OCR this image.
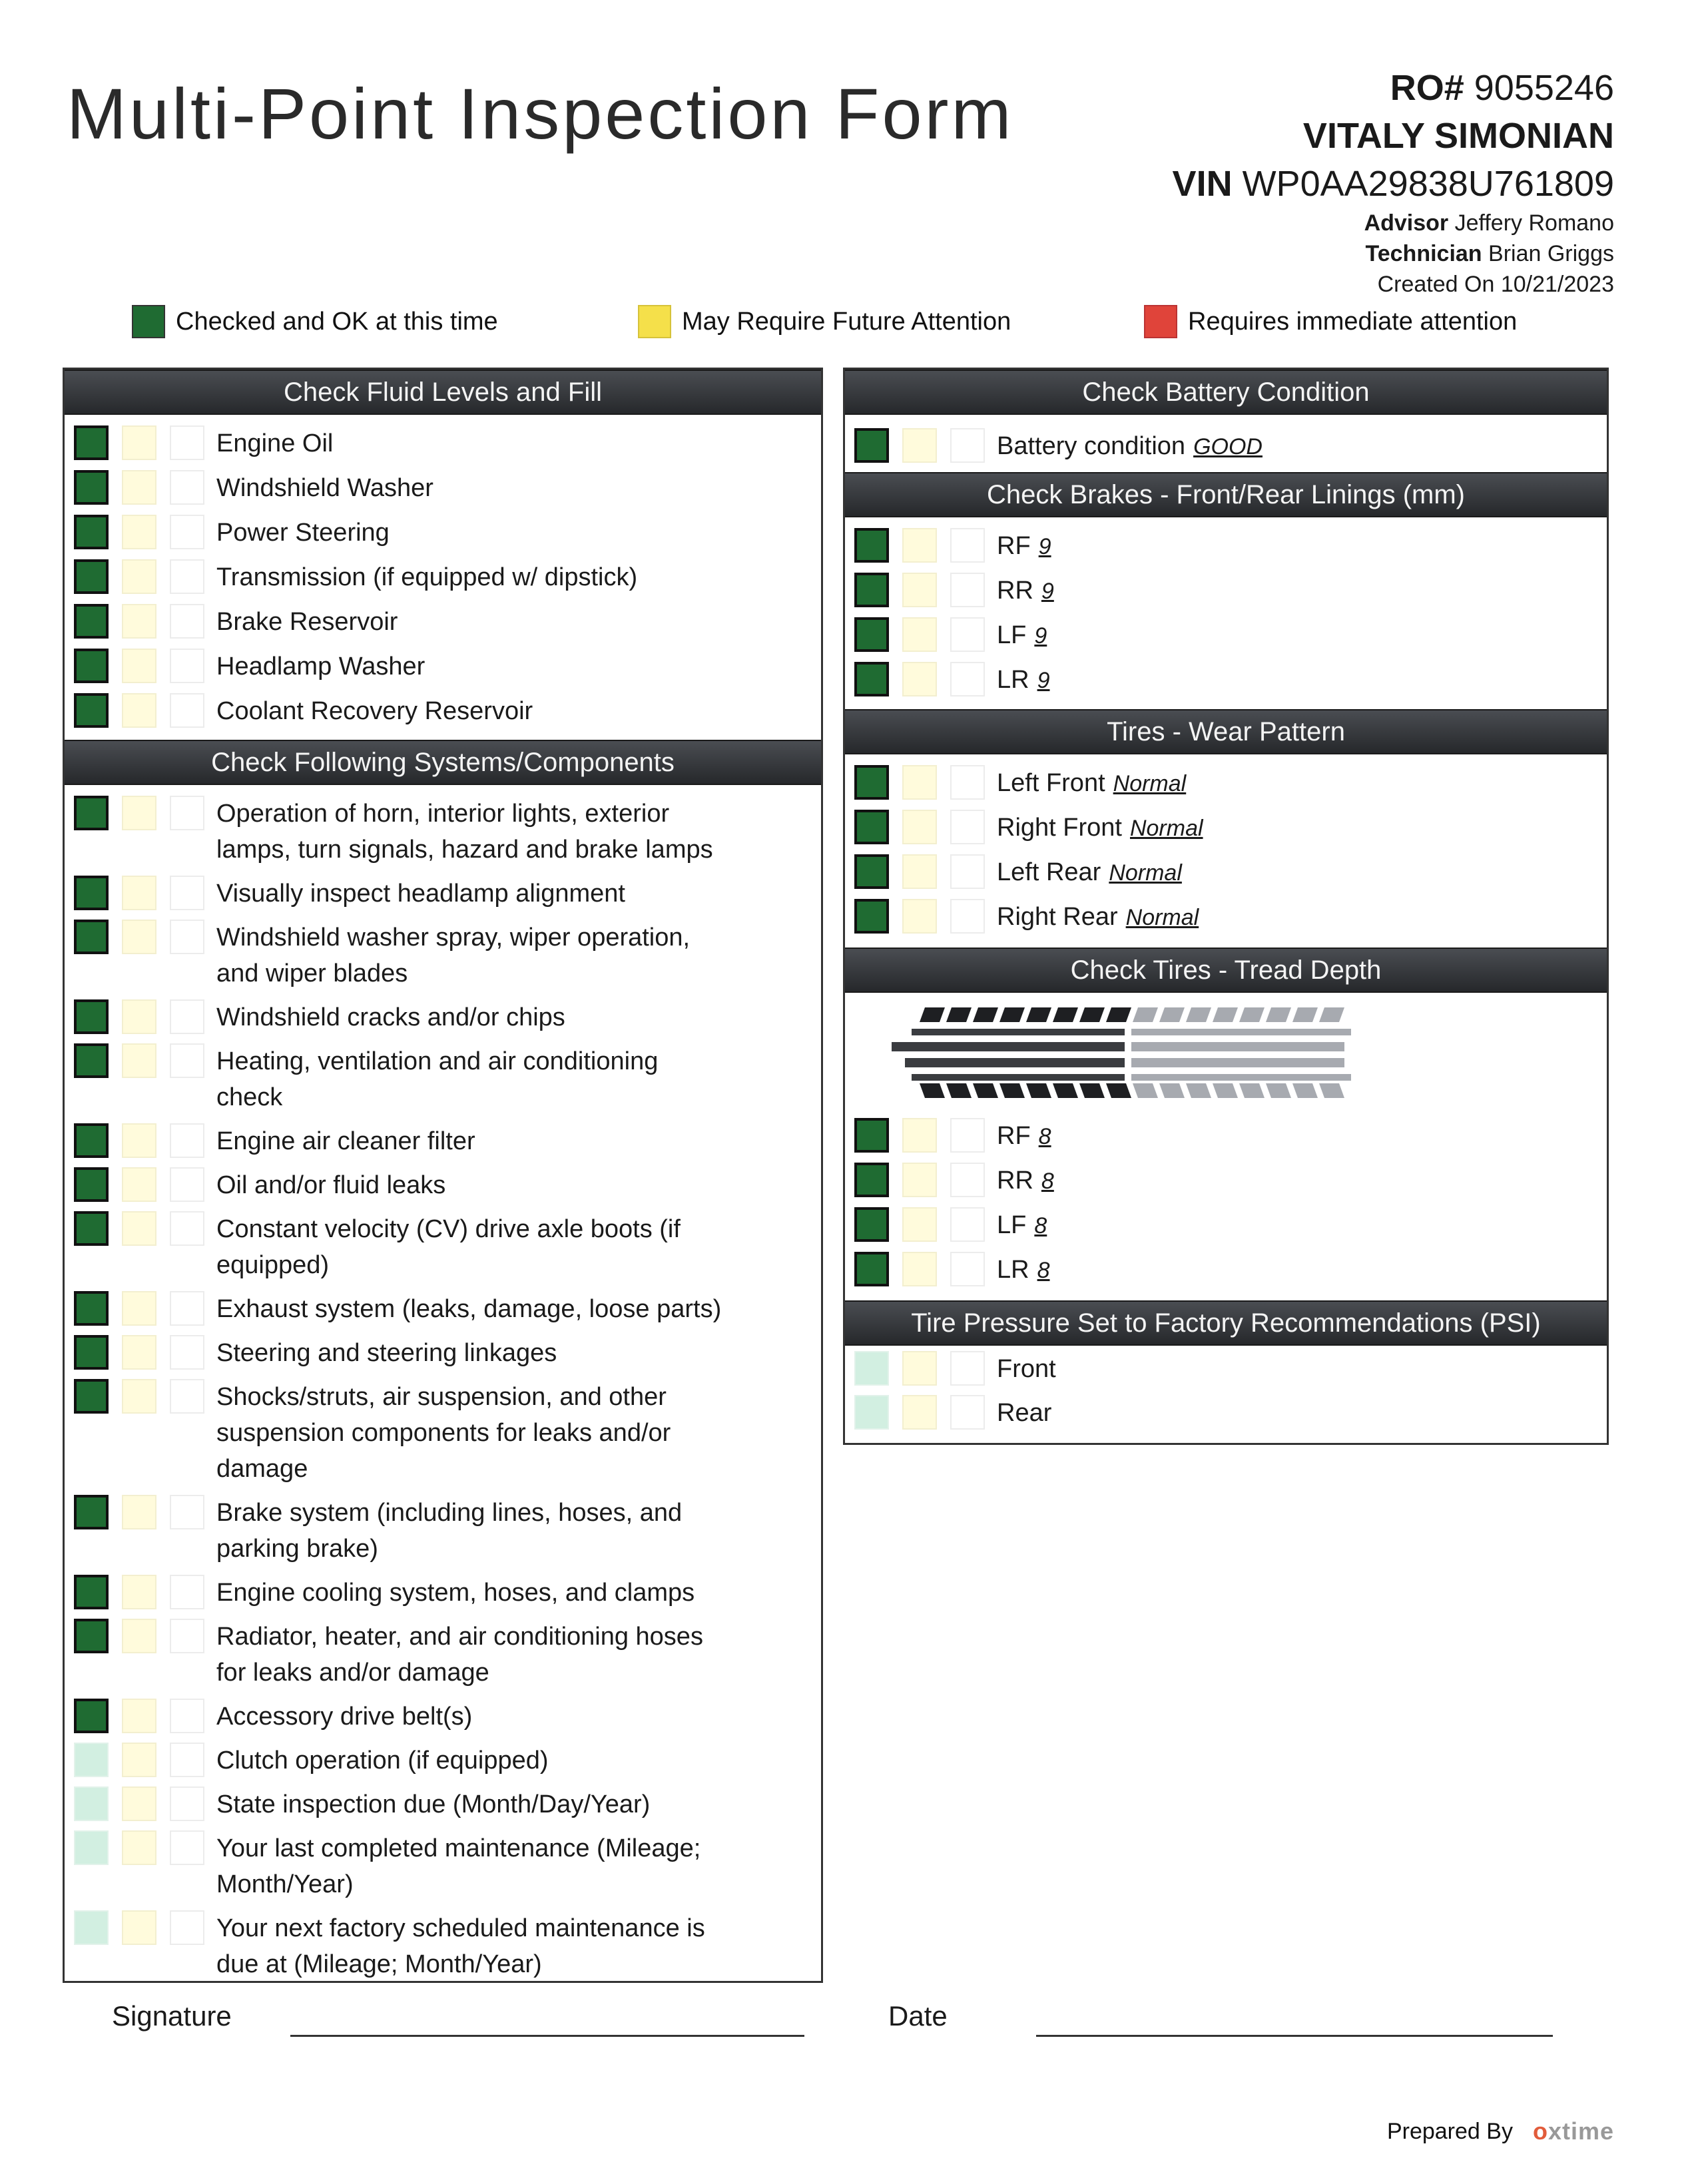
Multi-Point Inspection Form	RO# 9055246
VITALY SIMONIAN
VIN WP0AA29838U761809
Advisor Jeffery Romano
Technician Brian Griggs
Created On 10/21/2023
Checked and OK at this time	May Require Future Attention	Requires immediate attention
Check Fluid Levels and Fill
Engine Oil
Windshield Washer
Power Steering
Transmission (if equipped w/ dipstick)
Brake Reservoir
Headlamp Washer
Coolant Recovery Reservoir
Check Following Systems/Components
Operation of horn, interior lights, exterior
lamps, turn signals, hazard and brake lamps
Visually inspect headlamp alignment
Windshield washer spray, wiper operation,
and wiper blades
Windshield cracks and/or chips
Heating, ventilation and air conditioning
check
Engine air cleaner filter
Oil and/or fluid leaks
Constant velocity (CV) drive axle boots (if
equipped)
Exhaust system (leaks, damage, loose parts)
Steering and steering linkages
Shocks/struts, air suspension, and other
suspension components for leaks and/or
damage
Brake system (including lines, hoses, and
parking brake)
Engine cooling system, hoses, and clamps
Radiator, heater, and air conditioning hoses
for leaks and/or damage
Accessory drive belt(s)
Clutch operation (if equipped)
State inspection due (Month/Day/Year)
Your last completed maintenance (Mileage;
Month/Year)
Your next factory scheduled maintenance is
due at (Mileage; Month/Year)
Check Battery Condition
Battery condition GOOD
Check Brakes - Front/Rear Linings (mm)
RF 9
RR 9
LF 9
LR 9
Tires - Wear Pattern
Left Front Normal
Right Front Normal
Left Rear Normal
Right Rear Normal
Check Tires - Tread Depth
RF 8
RR 8
LF 8
LR 8
Tire Pressure Set to Factory Recommendations (PSI)
Front
Rear
Signature	Date
Prepared By oxtime
